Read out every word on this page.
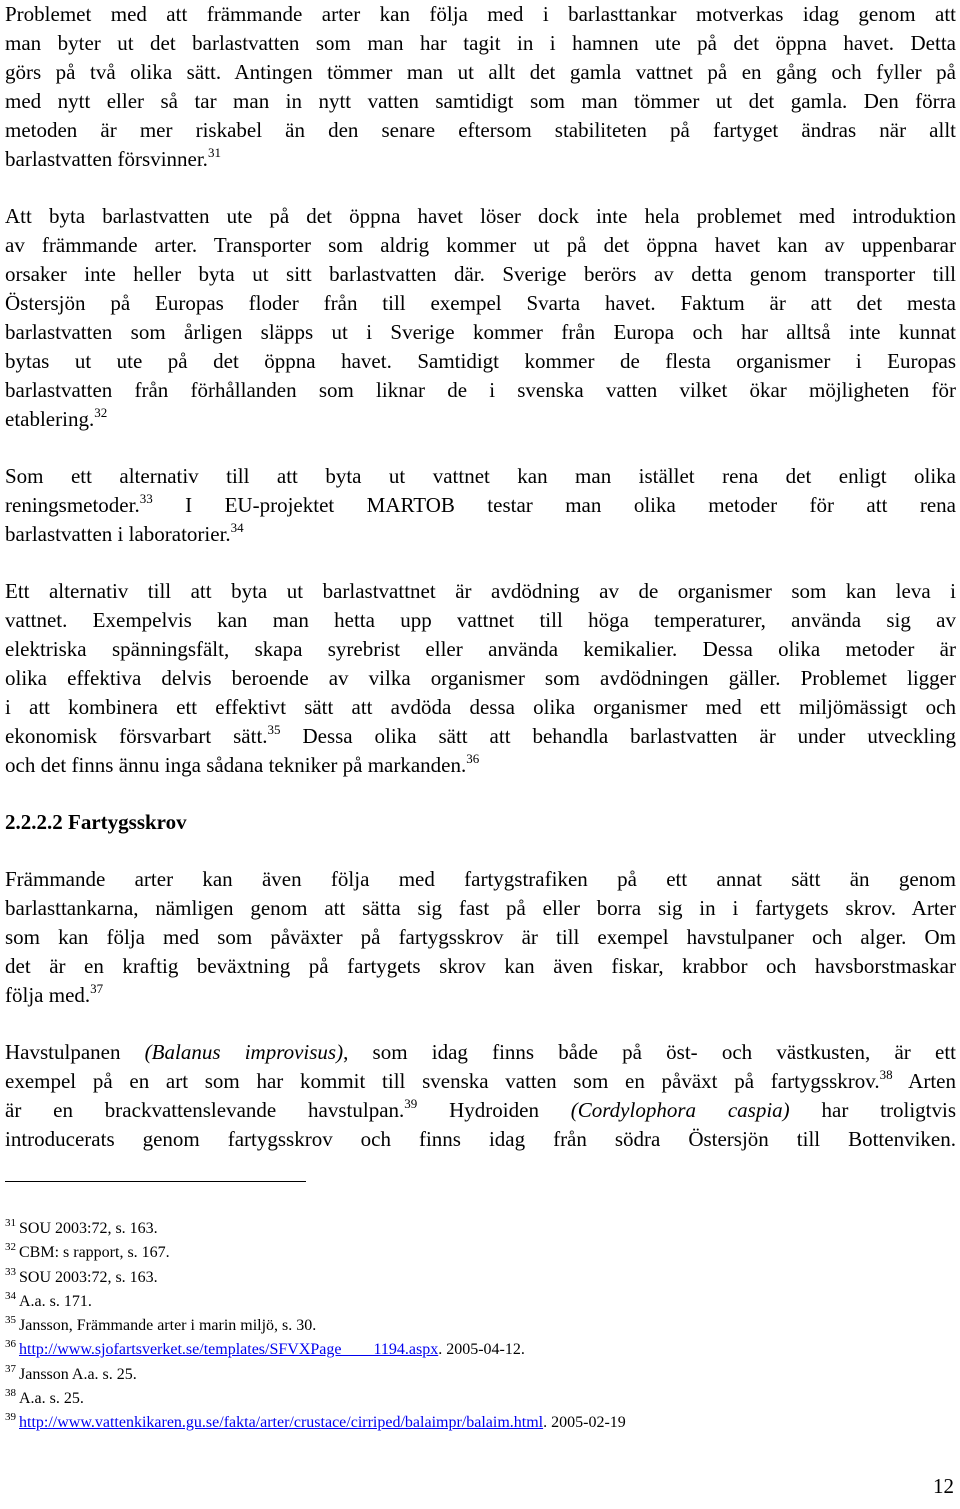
Problemet med att främmande arter kan följa med i barlasttankar motverkas idag genom att
man byter ut det barlastvatten som man har tagit in i hamnen ute på det öppna havet. Detta
görs på två olika sätt. Antingen tömmer man ut allt det gamla vattnet på en gång och fyller på
med nytt eller så tar man in nytt vatten samtidigt som man tömmer ut det gamla. Den förra
metoden är mer riskabel än den senare eftersom stabiliteten på fartyget ändras när allt
barlastvatten försvinner.$^{31}$
Att byta barlastvatten ute på det öppna havet löser dock inte hela problemet med introduktion
av främmande arter. Transporter som aldrig kommer ut på det öppna havet kan av uppenbarar
orsaker inte heller byta ut sitt barlastvatten där. Sverige berörs av detta genom transporter till
Östersjön på Europas floder från till exempel Svarta havet. Faktum är att det mesta
barlastvatten som årligen släpps ut i Sverige kommer från Europa och har alltså inte kunnat
bytas ut ute på det öppna havet. Samtidigt kommer de flesta organismer i Europas
barlastvatten från förhållanden som liknar de i svenska vatten vilket ökar möjligheten för
etablering.$^{32}$
Som ett alternativ till att byta ut vattnet kan man istället rena det enligt olika
reningsmetoder.$^{33}$ I EU-projektet MARTOB testar man olika metoder för att rena
barlastvatten i laboratorier.$^{34}$
Ett alternativ till att byta ut barlastvattnet är avdödning av de organismer som kan leva i
vattnet. Exempelvis kan man hetta upp vattnet till höga temperaturer, använda sig av
elektriska spänningsfält, skapa syrebrist eller använda kemikalier. Dessa olika metoder är
olika effektiva delvis beroende av vilka organismer som avdödningen gäller. Problemet ligger
i att kombinera ett effektivt sätt att avdöda dessa olika organismer med ett miljömässigt och
ekonomisk försvarbart sätt.$^{35}$ Dessa olika sätt att behandla barlastvatten är under utveckling
och det finns ännu inga sådana tekniker på markanden.$^{36}$
2.2.2.2 Fartygsskrov
Främmande arter kan även följa med fartygstrafiken på ett annat sätt än genom
barlasttankarna, nämligen genom att sätta sig fast på eller borra sig in i fartygets skrov. Arter
som kan följa med som påväxter på fartygsskrov är till exempel havstulpaner och alger. Om
det är en kraftig beväxtning på fartygets skrov kan även fiskar, krabbor och havsborstmaskar
följa med.$^{37}$
Havstulpanen (Balanus improvisus), som idag finns både på öst- och västkusten, är ett
exempel på en art som har kommit till svenska vatten som en påväxt på fartygsskrov.$^{38}$ Arten
är en brackvattenslevande havstulpan.$^{39}$ Hydroiden (Cordylophora caspia) har troligtvis
introducerats genom fartygsskrov och finns idag från södra Östersjön till Bottenviken.
$^{31}$ SOU 2003:72, s. 163.
$^{32}$ CBM: s rapport, s. 167.
$^{33}$ SOU 2003:72, s. 163.
$^{34}$ A.a. s. 171.
$^{35}$ Jansson, Främmande arter i marin miljö, s. 30.
$^{36}$ http://www.sjofartsverket.se/templates/SFVXPage____1194.aspx. 2005-04-12.
$^{37}$ Jansson A.a. s. 25.
$^{38}$ A.a. s. 25.
$^{39}$ http://www.vattenkikaren.gu.se/fakta/arter/crustace/cirriped/balaimpr/balaim.html. 2005-02-19
12
